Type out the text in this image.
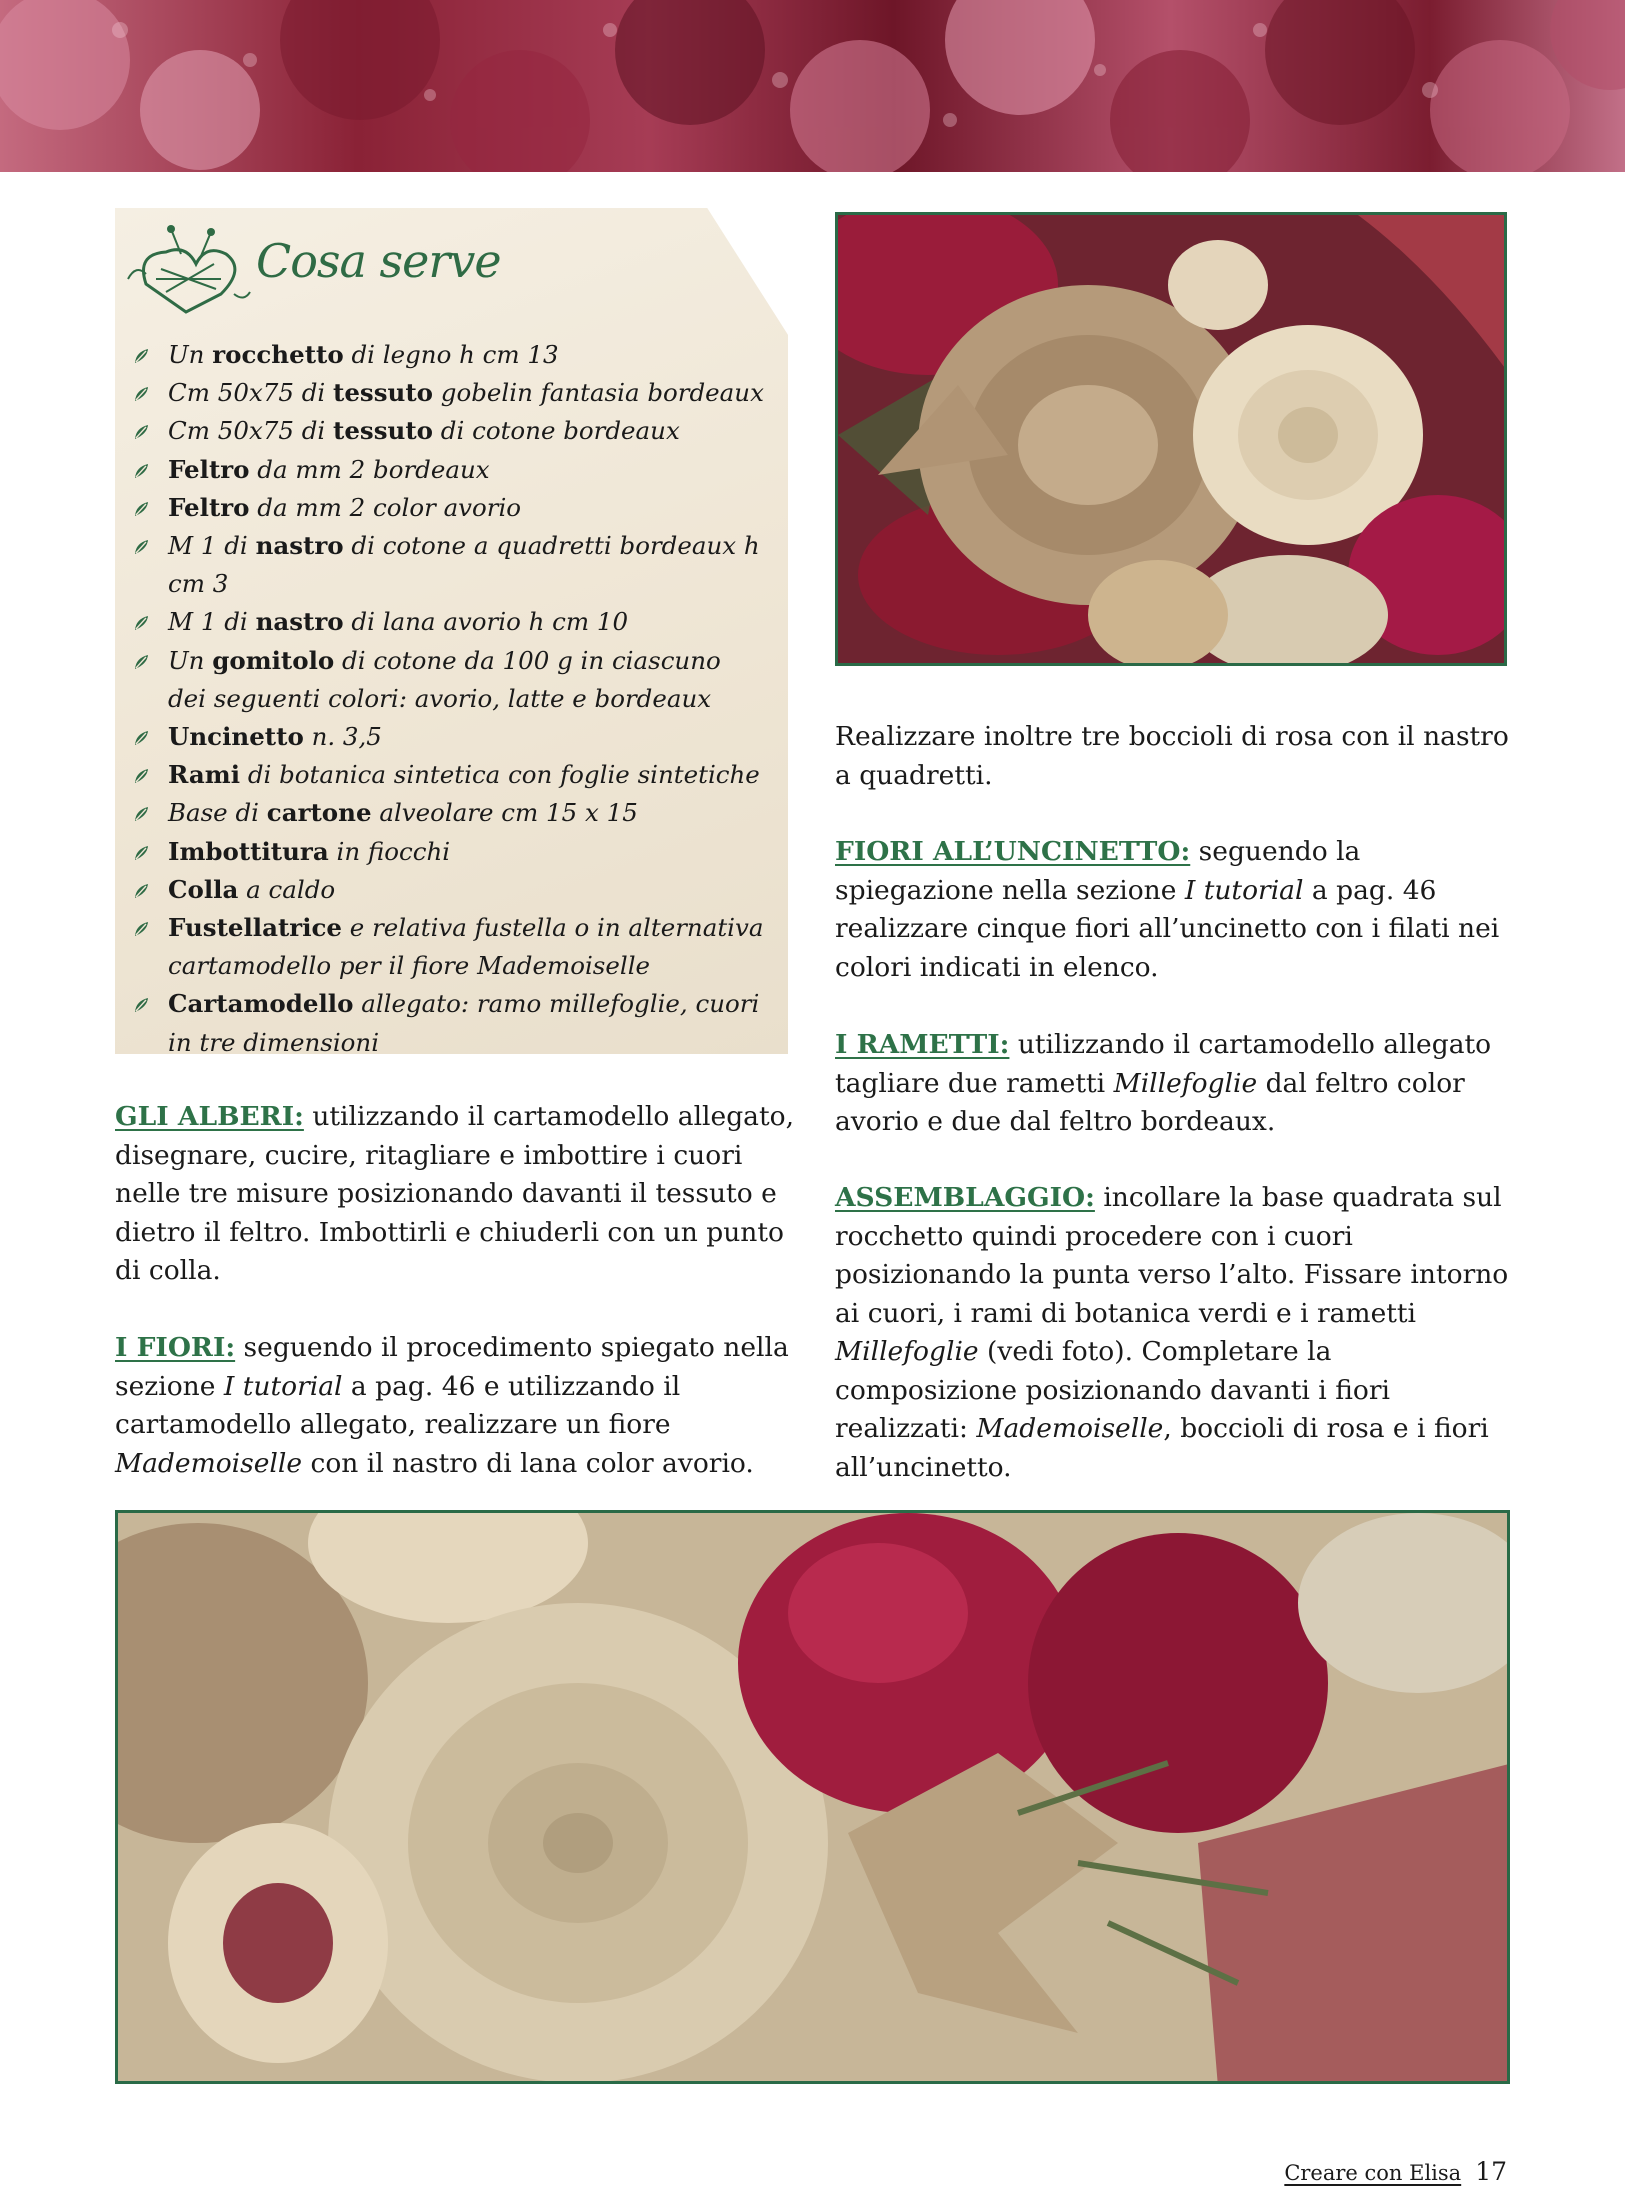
Cosa serve
Un rocchetto di legno h cm 13
Cm 50x75 di tessuto gobelin fantasia bordeaux
Cm 50x75 di tessuto di cotone bordeaux
Feltro da mm 2 bordeaux
Feltro da mm 2 color avorio
M 1 di nastro di cotone a quadretti bordeaux h cm 3
M 1 di nastro di lana avorio h cm 10
Un gomitolo di cotone da 100 g in ciascuno
dei seguenti colori: avorio, latte e bordeaux
Uncinetto n. 3,5
Rami di botanica sintetica con foglie sintetiche
Base di cartone alveolare cm 15 x 15
Imbottitura in fiocchi
Colla a caldo
Fustellatrice e relativa fustella o in alternativa
cartamodello per il fiore Mademoiselle
Cartamodello allegato: ramo millefoglie, cuori
in tre dimensioni

GLI ALBERI: utilizzando il cartamodello allegato, disegnare, cucire, ritagliare e imbottire i cuori nelle tre misure posizionando davanti il tessuto e dietro il feltro. Imbottirli e chiuderli con un punto di colla.

I FIORI: seguendo il procedimento spiegato nella sezione I tutorial a pag. 46 e utilizzando il cartamodello allegato, realizzare un fiore Mademoiselle con il nastro di lana color avorio.

Realizzare inoltre tre boccioli di rosa con il nastro a quadretti.

FIORI ALL’UNCINETTO: seguendo la spiegazione nella sezione I tutorial a pag. 46 realizzare cinque fiori all’uncinetto con i filati nei colori indicati in elenco.

I RAMETTI: utilizzando il cartamodello allegato tagliare due rametti Millefoglie dal feltro color avorio e due dal feltro bordeaux.

ASSEMBLAGGIO: incollare la base quadrata sul rocchetto quindi procedere con i cuori posizionando la punta verso l’alto. Fissare intorno ai cuori, i rami di botanica verdi e i rametti Millefoglie (vedi foto). Completare la composizione posizionando davanti i fiori realizzati: Mademoiselle, boccioli di rosa e i fiori all’uncinetto.

Creare con Elisa 17
